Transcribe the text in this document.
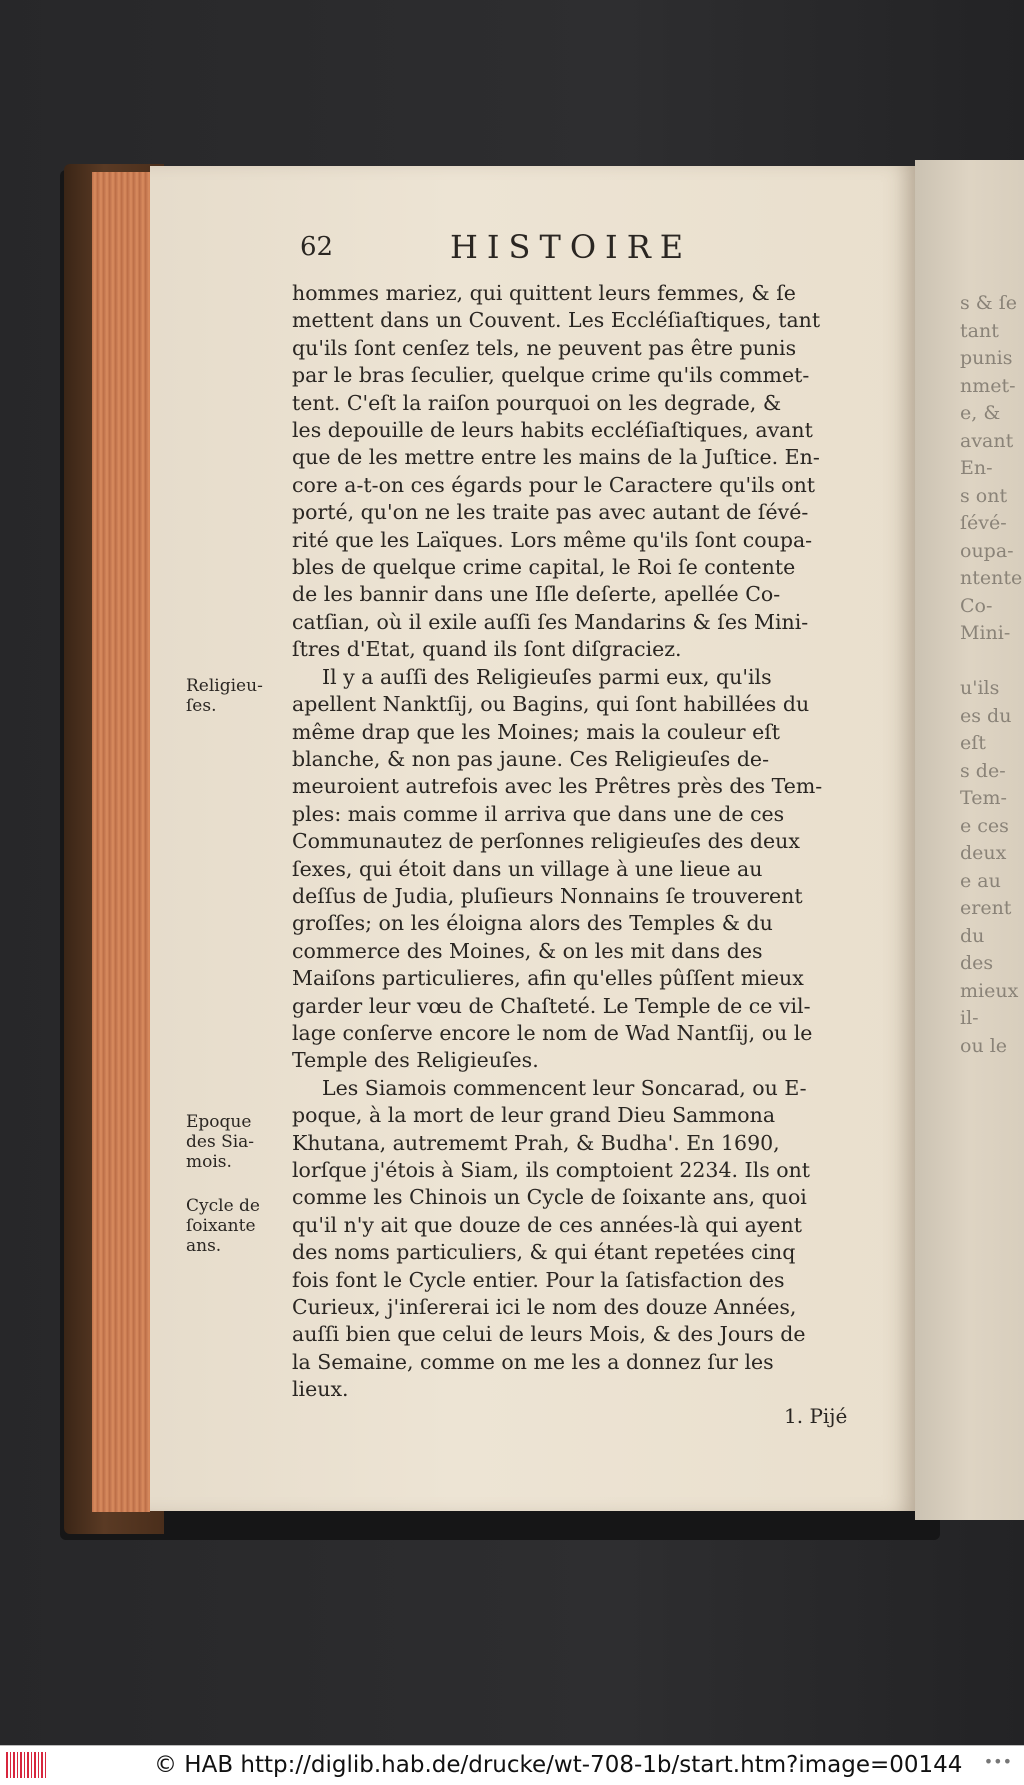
s & ſe
tant
punis
nmet-
e, &
avant
En-
s ont
ſévé-
oupa-
ntente
Co-
Mini-

u'ils
es du
eſt
s de-
Tem-
e ces
deux
e au
erent
du
des
mieux
il-
ou le
62	HISTOIRE

hommes mariez, qui quittent leurs femmes, & ſe

mettent dans un Couvent. Les Eccléſiaſtiques, tant

qu'ils ſont cenſez tels, ne peuvent pas être punis

par le bras ſeculier, quelque crime qu'ils commet-

tent. C'eſt la raiſon pourquoi on les degrade, &

les depouille de leurs habits eccléſiaſtiques, avant

que de les mettre entre les mains de la Juſtice. En-

core a-t-on ces égards pour le Caractere qu'ils ont

porté, qu'on ne les traite pas avec autant de ſévé-

rité que les Laïques. Lors même qu'ils ſont coupa-

bles de quelque crime capital, le Roi ſe contente

de les bannir dans une Iſle deſerte, apellée Co-

catſian, où il exile auſſi ſes Mandarins & ſes Mini-

ſtres d'Etat, quand ils ſont diſgraciez.

Il y a auſſi des Religieuſes parmi eux, qu'ils

apellent Nanktſij, ou Bagins, qui ſont habillées du

même drap que les Moines; mais la couleur eſt

blanche, & non pas jaune. Ces Religieuſes de-

meuroient autrefois avec les Prêtres près des Tem-

ples: mais comme il arriva que dans une de ces

Communautez de perſonnes religieuſes des deux

ſexes, qui étoit dans un village à une lieue au

deſſus de Judia, pluſieurs Nonnains ſe trouverent

groſſes; on les éloigna alors des Temples & du

commerce des Moines, & on les mit dans des

Maiſons particulieres, afin qu'elles pûſſent mieux

garder leur vœu de Chaſteté. Le Temple de ce vil-

lage conſerve encore le nom de Wad Nantſij, ou le

Temple des Religieuſes.

Les Siamois commencent leur Soncarad, ou E-

poque, à la mort de leur grand Dieu Sammona

Khutana, autrememt Prah, & Budha'. En 1690,

lorſque j'étois à Siam, ils comptoient 2234. Ils ont

comme les Chinois un Cycle de ſoixante ans, quoi

qu'il n'y ait que douze de ces années-là qui ayent

des noms particuliers, & qui étant repetées cinq

fois font le Cycle entier. Pour la ſatisfaction des

Curieux, j'inſererai ici le nom des douze Années,

auſſi bien que celui de leurs Mois, & des Jours de

la Semaine, comme on me les a donnez ſur les

lieux.

Religieu-ſes.
Epoque des Sia-mois.
Cycle de ſoixante ans.
1. Pijé
© HAB http://diglib.hab.de/drucke/wt-708-1b/start.htm?image=00144 •••
